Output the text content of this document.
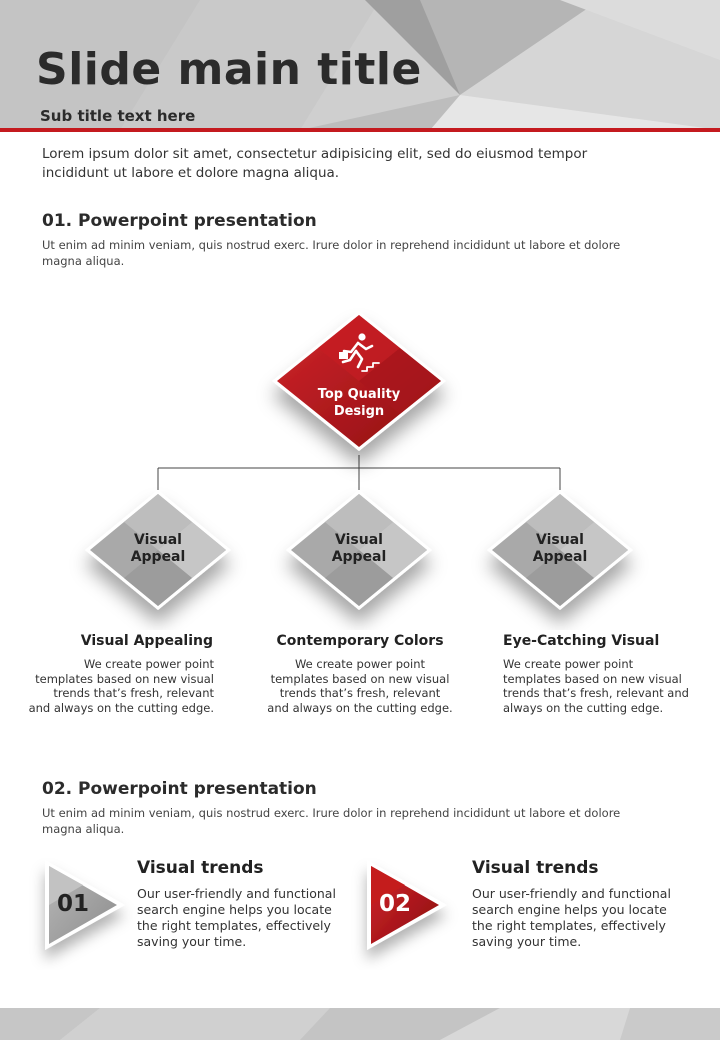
Slide main title

Sub title text here

Lorem ipsum dolor sit amet, consectetur adipisicing elit, sed do eiusmod tempor incididunt ut labore et dolore magna aliqua.

01. Powerpoint presentation

Ut enim ad minim veniam, quis nostrud exerc. Irure dolor in reprehend incididunt ut labore et dolore magna aliqua.

Top Quality
Design
Visual
Appeal
Visual
Appeal
Visual
Appeal
Visual Appealing
We create power point
templates based on new visual
trends that’s fresh, relevant
and always on the cutting edge.
Contemporary Colors
We create power point
templates based on new visual
trends that’s fresh, relevant
and always on the cutting edge.
Eye-Catching Visual
We create power point
templates based on new visual
trends that’s fresh, relevant and
always on the cutting edge.
02. Powerpoint presentation

Ut enim ad minim veniam, quis nostrud exerc. Irure dolor in reprehend incididunt ut labore et dolore magna aliqua.

01	02
Visual trends

Our user-friendly and functional search engine helps you locate the right templates, effectively saving your time.

Visual trends

Our user-friendly and functional search engine helps you locate the right templates, effectively saving your time.
